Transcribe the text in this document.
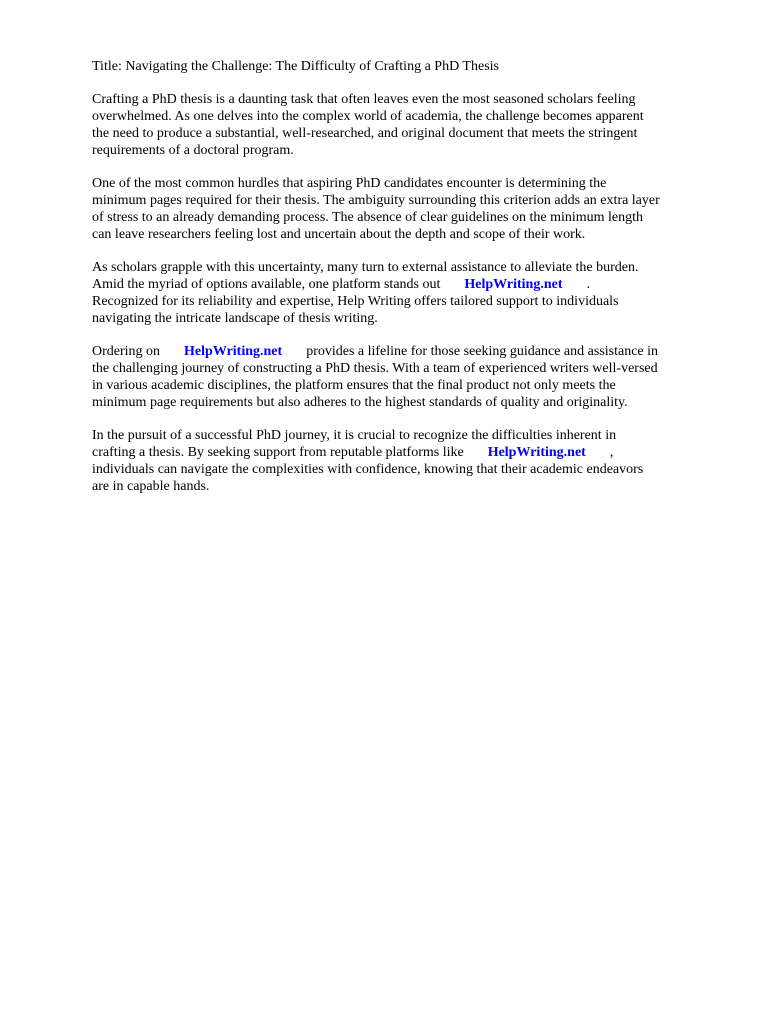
Title: Navigating the Challenge: The Difficulty of Crafting a PhD Thesis

Crafting a PhD thesis is a daunting task that often leaves even the most seasoned scholars feeling
overwhelmed. As one delves into the complex world of academia, the challenge becomes apparent
the need to produce a substantial, well-researched, and original document that meets the stringent
requirements of a doctoral program.

One of the most common hurdles that aspiring PhD candidates encounter is determining the
minimum pages required for their thesis. The ambiguity surrounding this criterion adds an extra layer
of stress to an already demanding process. The absence of clear guidelines on the minimum length
can leave researchers feeling lost and uncertain about the depth and scope of their work.

As scholars grapple with this uncertainty, many turn to external assistance to alleviate the burden.
Amid the myriad of options available, one platform stands out HelpWriting.net .
Recognized for its reliability and expertise, Help Writing offers tailored support to individuals
navigating the intricate landscape of thesis writing.

Ordering on HelpWriting.net provides a lifeline for those seeking guidance and assistance in
the challenging journey of constructing a PhD thesis. With a team of experienced writers well-versed
in various academic disciplines, the platform ensures that the final product not only meets the
minimum page requirements but also adheres to the highest standards of quality and originality.

In the pursuit of a successful PhD journey, it is crucial to recognize the difficulties inherent in
crafting a thesis. By seeking support from reputable platforms like HelpWriting.net ,
individuals can navigate the complexities with confidence, knowing that their academic endeavors
are in capable hands.
